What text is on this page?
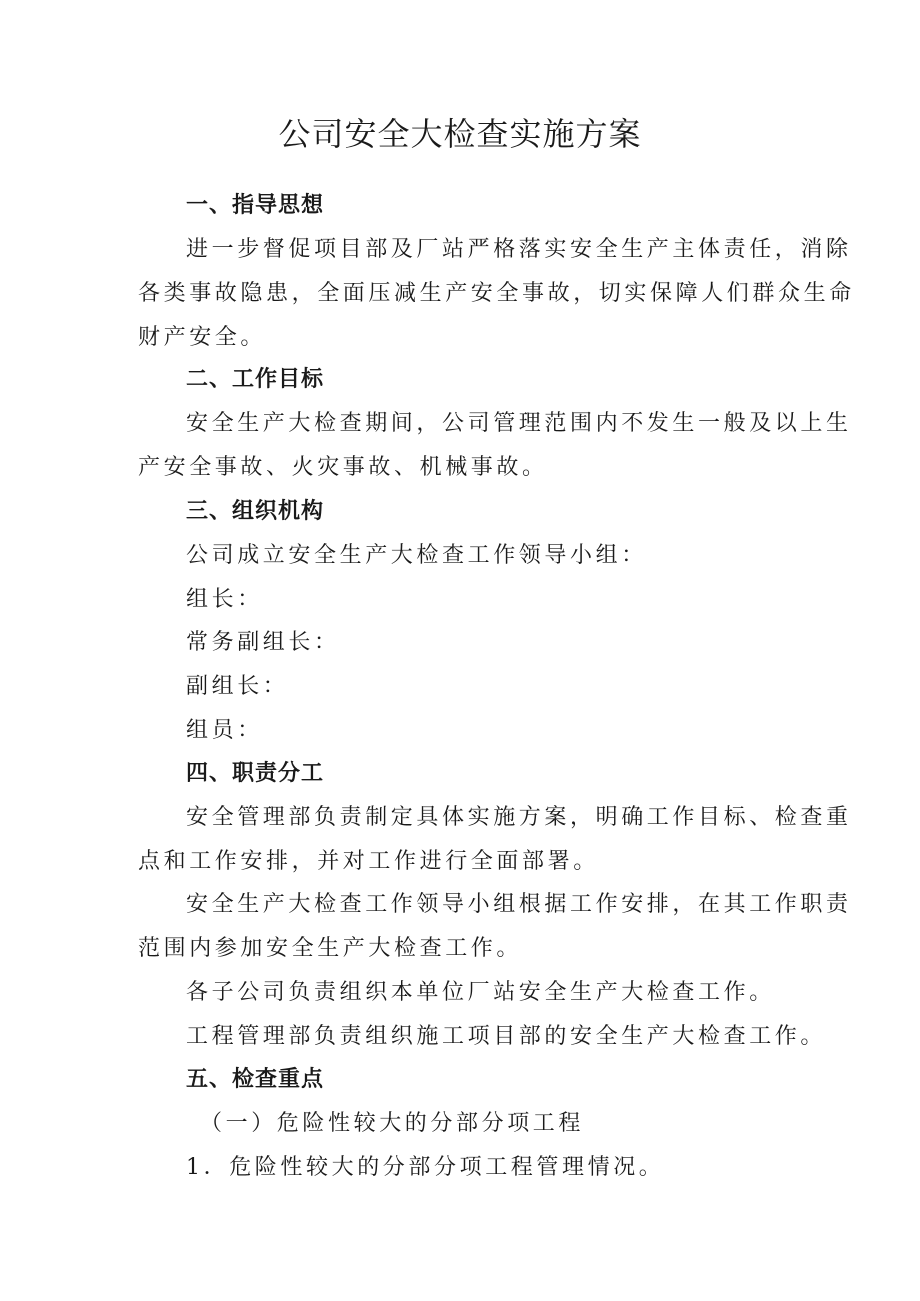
公司安全大检查实施方案

一、指导思想

进一步督促项目部及厂站严格落实安全生产主体责任，消除

各类事故隐患，全面压减生产安全事故，切实保障人们群众生命

财产安全。

二、工作目标

安全生产大检查期间，公司管理范围内不发生一般及以上生

产安全事故、火灾事故、机械事故。

三、组织机构

公司成立安全生产大检查工作领导小组：

组长：

常务副组长：

副组长：

组员：

四、职责分工

安全管理部负责制定具体实施方案，明确工作目标、检查重

点和工作安排，并对工作进行全面部署。

安全生产大检查工作领导小组根据工作安排，在其工作职责

范围内参加安全生产大检查工作。

各子公司负责组织本单位厂站安全生产大检查工作。

工程管理部负责组织施工项目部的安全生产大检查工作。

五、检查重点

（一）危险性较大的分部分项工程

1．危险性较大的分部分项工程管理情况。
